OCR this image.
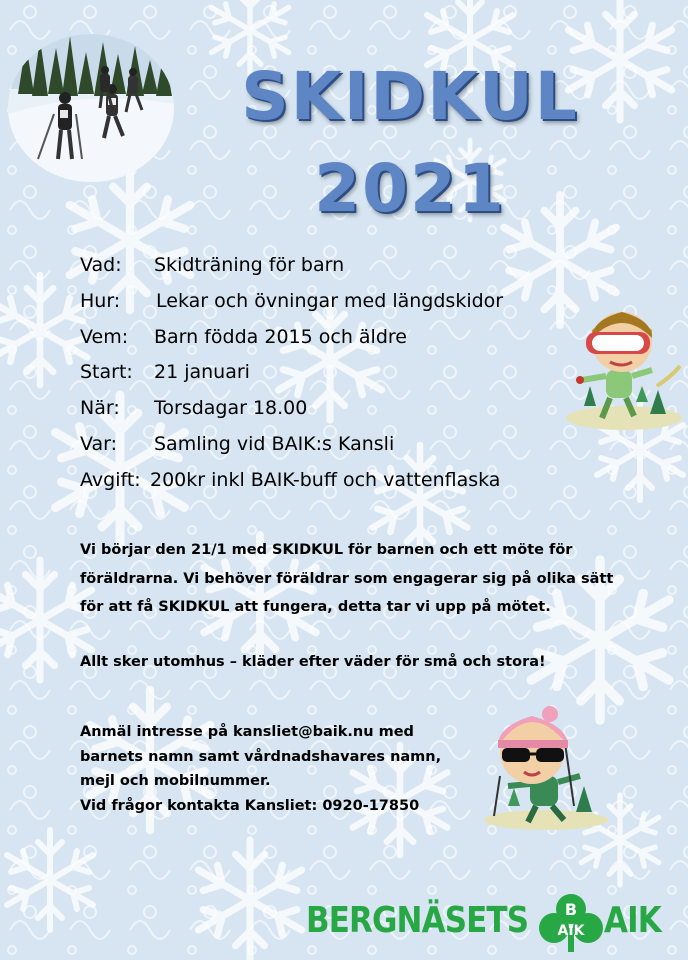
SKIDKUL
2021
Vad: Skidträning för barn
Hur: Lekar och övningar med längdskidor
Vem: Barn födda 2015 och äldre
Start: 21 januari
När: Torsdagar 18.00
Var: Samling vid BAIK:s Kansli
Avgift: 200kr inkl BAIK-buff och vattenflaska
Vi börjar den 21/1 med SKIDKUL för barnen och ett möte för föräldrarna. Vi behöver föräldrar som engagerar sig på olika sätt för att få SKIDKUL att fungera, detta tar vi upp på mötet.
Allt sker utomhus – kläder efter väder för små och stora!
Anmäl intresse på kansliet@baik.nu med
barnets namn samt vårdnadshavares namn,
mejl och mobilnummer.
Vid frågor kontakta Kansliet: 0920-17850
BERGNÄSETS B
AIK AIK
